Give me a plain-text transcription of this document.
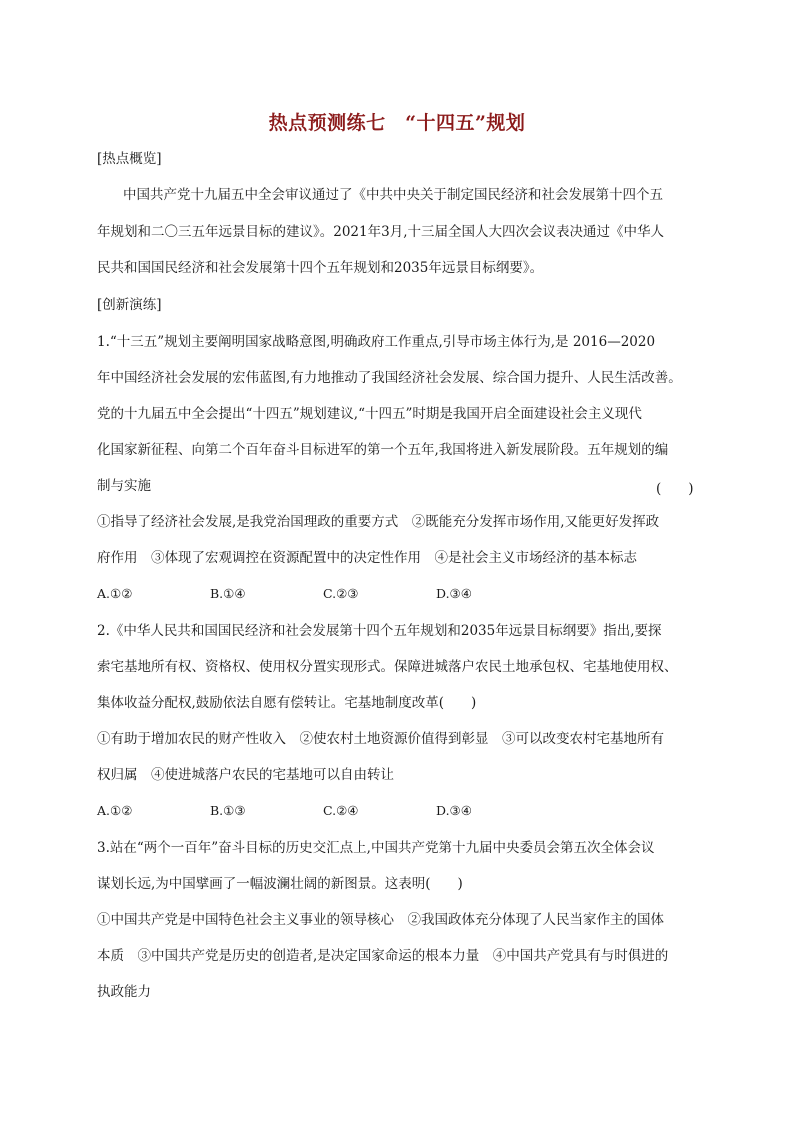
热点预测练七　“十四五”规划
[热点概览]
中国共产党十九届五中全会审议通过了《中共中央关于制定国民经济和社会发展第十四个五
年规划和二〇三五年远景目标的建议》。2021年3月,十三届全国人大四次会议表决通过《中华人
民共和国国民经济和社会发展第十四个五年规划和2035年远景目标纲要》。
[创新演练]
1.“十三五”规划主要阐明国家战略意图,明确政府工作重点,引导市场主体行为,是 2016—2020
年中国经济社会发展的宏伟蓝图,有力地推动了我国经济社会发展、综合国力提升、人民生活改善。
党的十九届五中全会提出“十四五”规划建议,“十四五”时期是我国开启全面建设社会主义现代
化国家新征程、向第二个百年奋斗目标进军的第一个五年,我国将进入新发展阶段。五年规划的编
制与实施	(　　)
①指导了经济社会发展,是我党治国理政的重要方式　②既能充分发挥市场作用,又能更好发挥政
府作用　③体现了宏观调控在资源配置中的决定性作用　④是社会主义市场经济的基本标志
A.①②	B.①④	C.②③	D.③④
2.《中华人民共和国国民经济和社会发展第十四个五年规划和2035年远景目标纲要》指出,要探
索宅基地所有权、资格权、使用权分置实现形式。保障进城落户农民土地承包权、宅基地使用权、
集体收益分配权,鼓励依法自愿有偿转让。宅基地制度改革(　　)
①有助于增加农民的财产性收入　②使农村土地资源价值得到彰显　③可以改变农村宅基地所有
权归属　④使进城落户农民的宅基地可以自由转让
A.①②	B.①③	C.②④	D.③④
3.站在“两个一百年”奋斗目标的历史交汇点上,中国共产党第十九届中央委员会第五次全体会议
谋划长远,为中国擘画了一幅波澜壮阔的新图景。这表明(　　)
①中国共产党是中国特色社会主义事业的领导核心　②我国政体充分体现了人民当家作主的国体
本质　③中国共产党是历史的创造者,是决定国家命运的根本力量　④中国共产党具有与时俱进的
执政能力
